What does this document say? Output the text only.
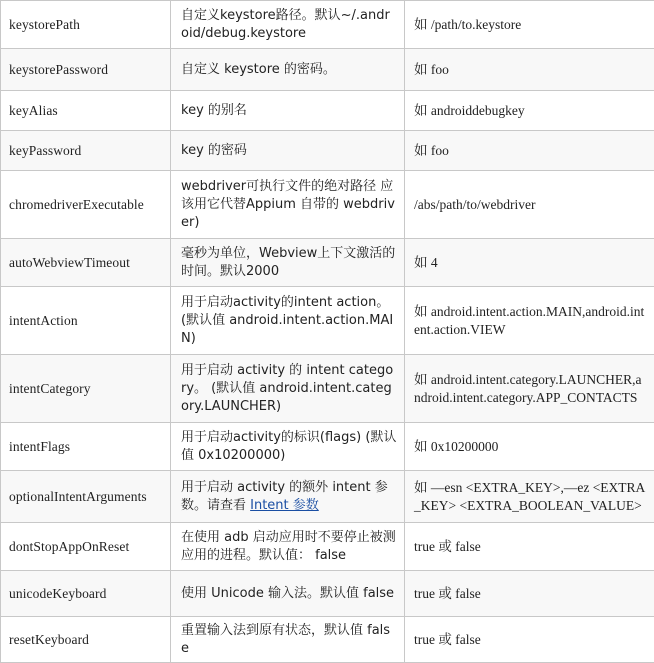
keystorePath	自定义keystore路径。默认~/.android/debug.keystore	如 /path/to.keystore
keystorePassword	自定义 keystore 的密码。	如 foo
keyAlias	key 的别名	如 androiddebugkey
keyPassword	key 的密码	如 foo
chromedriverExecutable	webdriver可执行文件的绝对路径 应该用它代替Appium 自带的 webdriver)	/abs/path/to/webdriver
autoWebviewTimeout	毫秒为单位，Webview上下文激活的时间。默认2000	如 4
intentAction	用于启动activity的intent action。(默认值 android.intent.action.MAIN)	如 android.intent.action.MAIN,android.intent.action.VIEW
intentCategory	用于启动 activity 的 intent category。 (默认值 android.intent.category.LAUNCHER)	如 android.intent.category.LAUNCHER,android.intent.category.APP_CONTACTS
intentFlags	用于启动activity的标识(flags) (默认值 0x10200000)	如 0x10200000
optionalIntentArguments	用于启动 activity 的额外 intent 参数。请查看 Intent 参数	如 —esn <EXTRA_KEY>,—ez <EXTRA_KEY> <EXTRA_BOOLEAN_VALUE>
dontStopAppOnReset	在使用 adb 启动应用时不要停止被测应用的进程。默认值： false	true 或 false
unicodeKeyboard	使用 Unicode 输入法。默认值 false	true 或 false
resetKeyboard	重置输入法到原有状态，默认值 false	true 或 false
